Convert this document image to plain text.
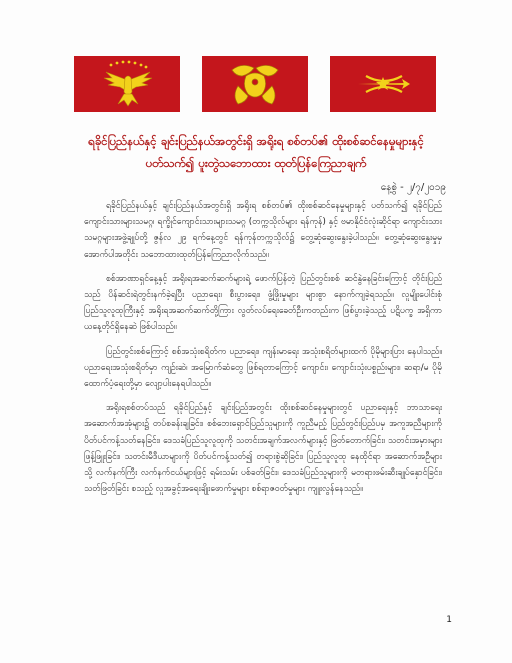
ရခိုင်ပြည်နယ်နှင့် ချင်းပြည်နယ်အတွင်းရှိ အရိုးရ စစ်တပ်၏ ထိုးစစ်ဆင်နေမှုများနှင့်
ပတ်သက်၍ ပူးတွဲသဘောထား ထုတ်ပြန်ကြေညာချက်
နေ့စွဲ - ၂/၇/၂၀၁၉

ရခိုင်ပြည်နယ်နှင့် ချင်းပြည်နယ်အတွင်းရှိ အရိုးရ စစ်တပ်၏ ထိုးစစ်ဆင်နေမှုများနှင့် ပတ်သက်၍ ရခိုင်ပြည်ကျောင်းသားများသမဂ္ဂ၊ ရက္ခိုင်ကျောင်းသားများသမဂ္ဂ (တက္ကသိုလ်များ ရန်ကုန်) နှင့် ဗမာနိုင်ငံလုံးဆိုင်ရာ ကျောင်းသားသမဂ္ဂများအဖွဲ့ချုပ်တို့ ဇွန်လ ၂၉ ရက်နေ့တွင် ရန်ကုန်တက္ကသိုလ်၌ တွေ့ဆုံဆွေးနွေးခဲ့ပါသည်။ တွေ့ဆုံဆွေးနွေးမှုမှ အောက်ပါအတိုင်း သဘောထားထုတ်ပြန်ကြေညာလိုက်သည်။

စစ်အာဏာရှင်နေ့နှင့် အရိုးရအဆက်ဆက်များရဲ့ ဖောက်ပြန်တဲ့ ပြည်တွင်းစစ် ဆင်နွဲနေခြင်းကြောင့် တိုင်းပြည်သည် ပိန်ဆင်းရဲတွင်းနက်ခဲ့ရပြီး ပညာရေး၊ စီးပွားရေး၊ ဖွံ့ဖြိုးမှုများ များစွာ နောက်ကျခဲ့ရသည်။ လူမျိုးပေါင်းစုံ ပြည်သူလူထုကြီးနှင့် အရိုးရအဆက်ဆက်တို့ကြား လွတ်လပ်ရေးခေတ်ဦးကတည်းက ဖြစ်ပွားခဲ့သည့် ပဋိပက္ခ အရှိကာ ယနေ့တိုင်ရှိနေဆဲ ဖြစ်ပါသည်။

ပြည်တွင်းစစ်ကြောင့် စစ်အသုံးစရိတ်က ပညာရေး၊ ကျန်းမာရေး အသုံးစရိတ်များထက် ပိုမိုများပြား နေပါသည်။ ပညာရေးအသုံးစရိတ်မှာ ကျဉ်းဆဲ၊ အမြောက်ဆံတွေ ဖြစ်ရတာကြောင့် ကျောင်း၊ ကျောင်းသုံးပစ္စည်းများ၊ ဆရာ/မ ပိုမိုထောက်ပံ့ရေးတို့မှာ လျော့ပါးနေရပါသည်။

အရိုးရစစ်တပ်သည် ရခိုင်ပြည်နှင့် ချင်းပြည်အတွင်း ထိုးစစ်ဆင်နေမှုများတွင် ပညာရေးနှင့် ဘာသာရေး အဆောက်အအုံများ၌ တပ်စခန်းချခြင်း၊ စစ်ဘေးရှောင်ပြည်သူများကို ကူညီမည့် ပြည်တွင်းပြည်ပမှ အကူအညီများကို ပိတ်ပင်ကန့်သတ်နေခြင်း၊ ဒေသခံပြည်သူလူထုကို သတင်းအချက်အလက်များနှင့် ဖြတ်တောက်ခြင်း၊ သတင်းအမှားများ ဖြန့်ဖြူးခြင်း၊ သတင်းမီဒီယာများကို ပိတ်ပင်ကန့်သတ်၍ တရားစွဲဆိုခြင်း၊ ပြည်သူလူထု နေထိုင်ရာ အဆောက်အဦများသို့ လက်နက်ကြီး လက်နက်ငယ်များဖြင့် ရမ်းသမ်း ပစ်ခတ်ခြင်း၊ ဒေသခံပြည်သူများကို မတရားဖမ်းဆီးချုပ်နှောင်ခြင်း၊ သတ်ဖြတ်ခြင်း စသည့် လူအခွင့်အရေးချိုးဖောက်မှုများ စစ်ရာဇဝတ်မှုများ ကျူးလွန်နေသည်။

1
